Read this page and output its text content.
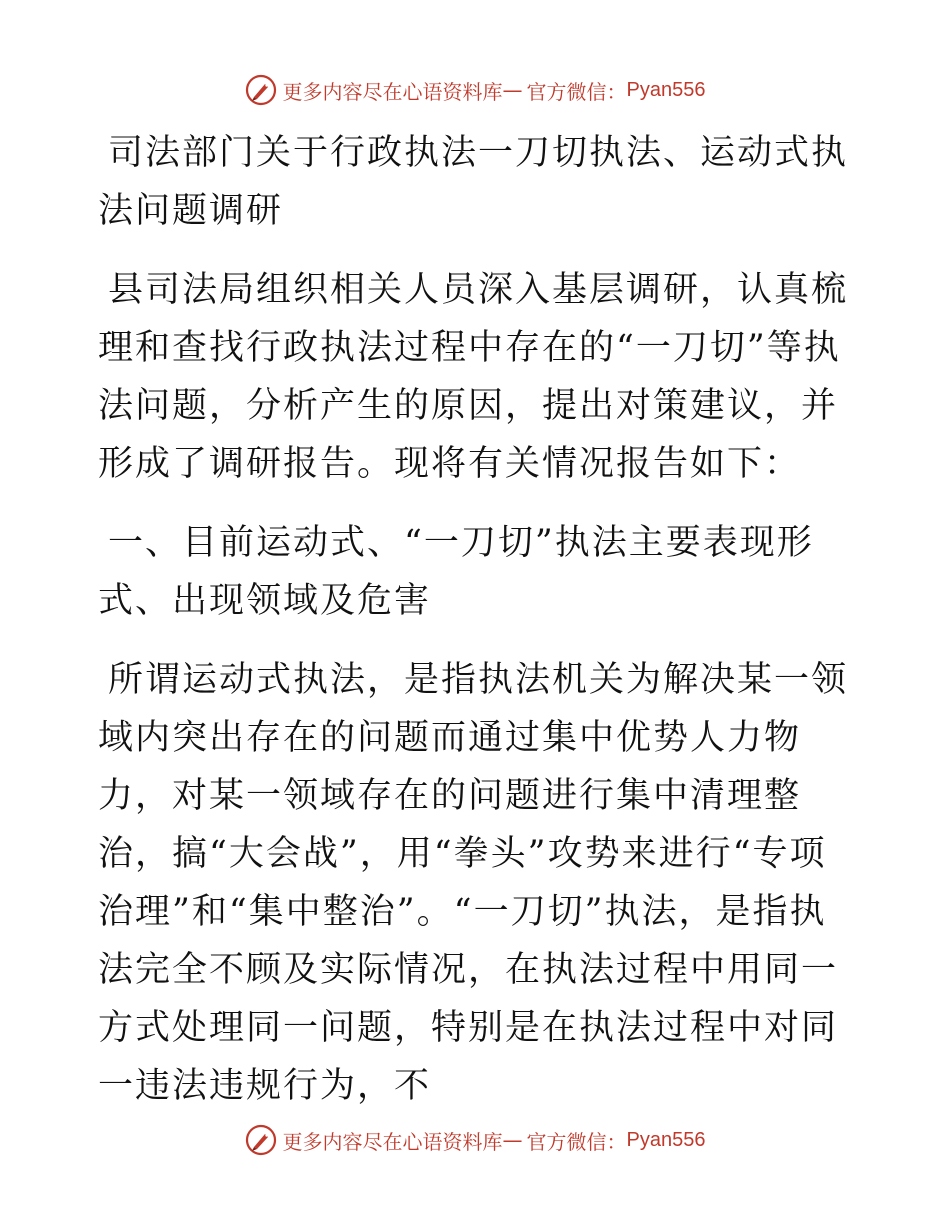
更多内容尽在心语资料库 — 官方微信： Pyan556

司法部门关于行政执法一刀切执法、运动式执法问题调研

县司法局组织相关人员深入基层调研，认真梳理和查找行政执法过程中存在的“一刀切”等执法问题，分析产生的原因，提出对策建议，并形成了调研报告。现将有关情况报告如下：

一、目前运动式、“一刀切”执法主要表现形式、出现领域及危害

所谓运动式执法，是指执法机关为解决某一领域内突出存在的问题而通过集中优势人力物力，对某一领域存在的问题进行集中清理整治，搞“大会战”，用“拳头”攻势来进行“专项治理”和“集中整治”。“一刀切”执法，是指执法完全不顾及实际情况，在执法过程中用同一方式处理同一问题，特别是在执法过程中对同一违法违规行为，不

更多内容尽在心语资料库 — 官方微信： Pyan556
